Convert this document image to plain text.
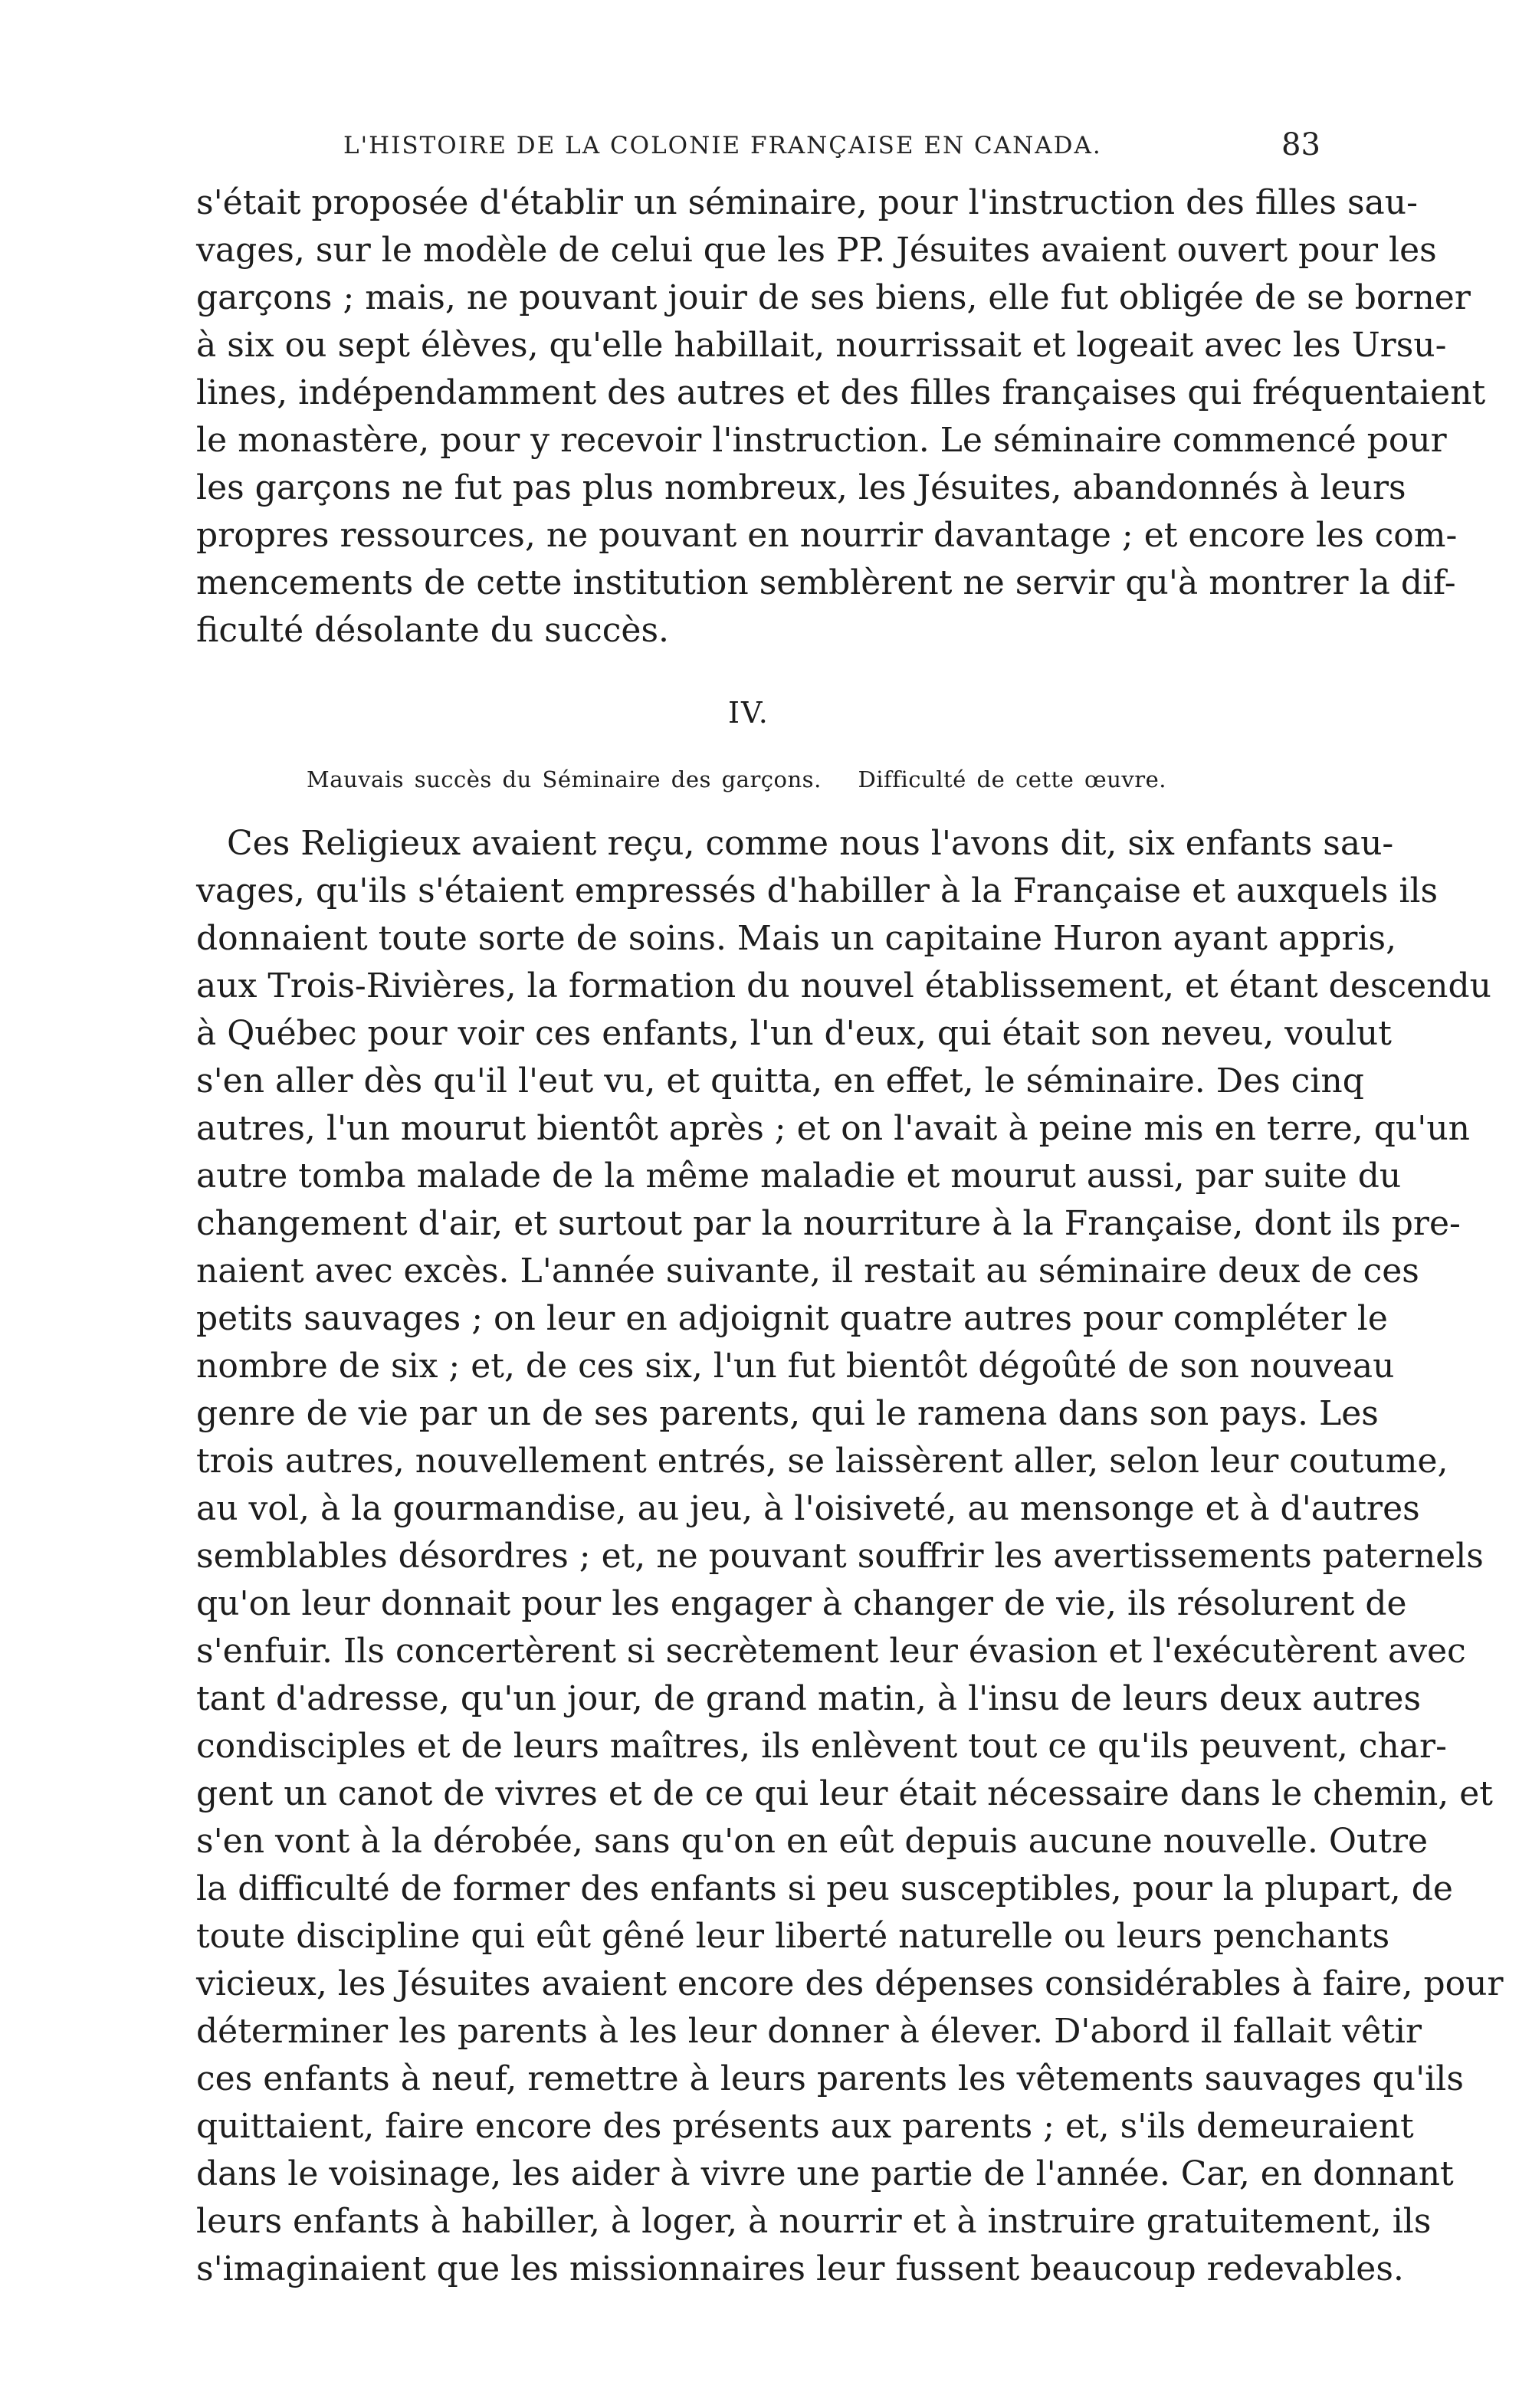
L'HISTOIRE DE LA COLONIE FRANÇAISE EN CANADA.	83
s'était proposée d'établir un séminaire, pour l'instruction des filles sau-
vages, sur le modèle de celui que les PP. Jésuites avaient ouvert pour les
garçons ; mais, ne pouvant jouir de ses biens, elle fut obligée de se borner
à six ou sept élèves, qu'elle habillait, nourrissait et logeait avec les Ursu-
lines, indépendamment des autres et des filles françaises qui fréquentaient
le monastère, pour y recevoir l'instruction. Le séminaire commencé pour
les garçons ne fut pas plus nombreux, les Jésuites, abandonnés à leurs
propres ressources, ne pouvant en nourrir davantage ; et encore les com-
mencements de cette institution semblèrent ne servir qu'à montrer la dif-
ficulté désolante du succès.
IV.
Mauvais succès du Séminaire des garçons. Difficulté de cette œuvre.
Ces Religieux avaient reçu, comme nous l'avons dit, six enfants sau-
vages, qu'ils s'étaient empressés d'habiller à la Française et auxquels ils
donnaient toute sorte de soins. Mais un capitaine Huron ayant appris,
aux Trois-Rivières, la formation du nouvel établissement, et étant descendu
à Québec pour voir ces enfants, l'un d'eux, qui était son neveu, voulut
s'en aller dès qu'il l'eut vu, et quitta, en effet, le séminaire. Des cinq
autres, l'un mourut bientôt après ; et on l'avait à peine mis en terre, qu'un
autre tomba malade de la même maladie et mourut aussi, par suite du
changement d'air, et surtout par la nourriture à la Française, dont ils pre-
naient avec excès. L'année suivante, il restait au séminaire deux de ces
petits sauvages ; on leur en adjoignit quatre autres pour compléter le
nombre de six ; et, de ces six, l'un fut bientôt dégoûté de son nouveau
genre de vie par un de ses parents, qui le ramena dans son pays. Les
trois autres, nouvellement entrés, se laissèrent aller, selon leur coutume,
au vol, à la gourmandise, au jeu, à l'oisiveté, au mensonge et à d'autres
semblables désordres ; et, ne pouvant souffrir les avertissements paternels
qu'on leur donnait pour les engager à changer de vie, ils résolurent de
s'enfuir. Ils concertèrent si secrètement leur évasion et l'exécutèrent avec
tant d'adresse, qu'un jour, de grand matin, à l'insu de leurs deux autres
condisciples et de leurs maîtres, ils enlèvent tout ce qu'ils peuvent, char-
gent un canot de vivres et de ce qui leur était nécessaire dans le chemin, et
s'en vont à la dérobée, sans qu'on en eût depuis aucune nouvelle. Outre
la difficulté de former des enfants si peu susceptibles, pour la plupart, de
toute discipline qui eût gêné leur liberté naturelle ou leurs penchants
vicieux, les Jésuites avaient encore des dépenses considérables à faire, pour
déterminer les parents à les leur donner à élever. D'abord il fallait vêtir
ces enfants à neuf, remettre à leurs parents les vêtements sauvages qu'ils
quittaient, faire encore des présents aux parents ; et, s'ils demeuraient
dans le voisinage, les aider à vivre une partie de l'année. Car, en donnant
leurs enfants à habiller, à loger, à nourrir et à instruire gratuitement, ils
s'imaginaient que les missionnaires leur fussent beaucoup redevables.
